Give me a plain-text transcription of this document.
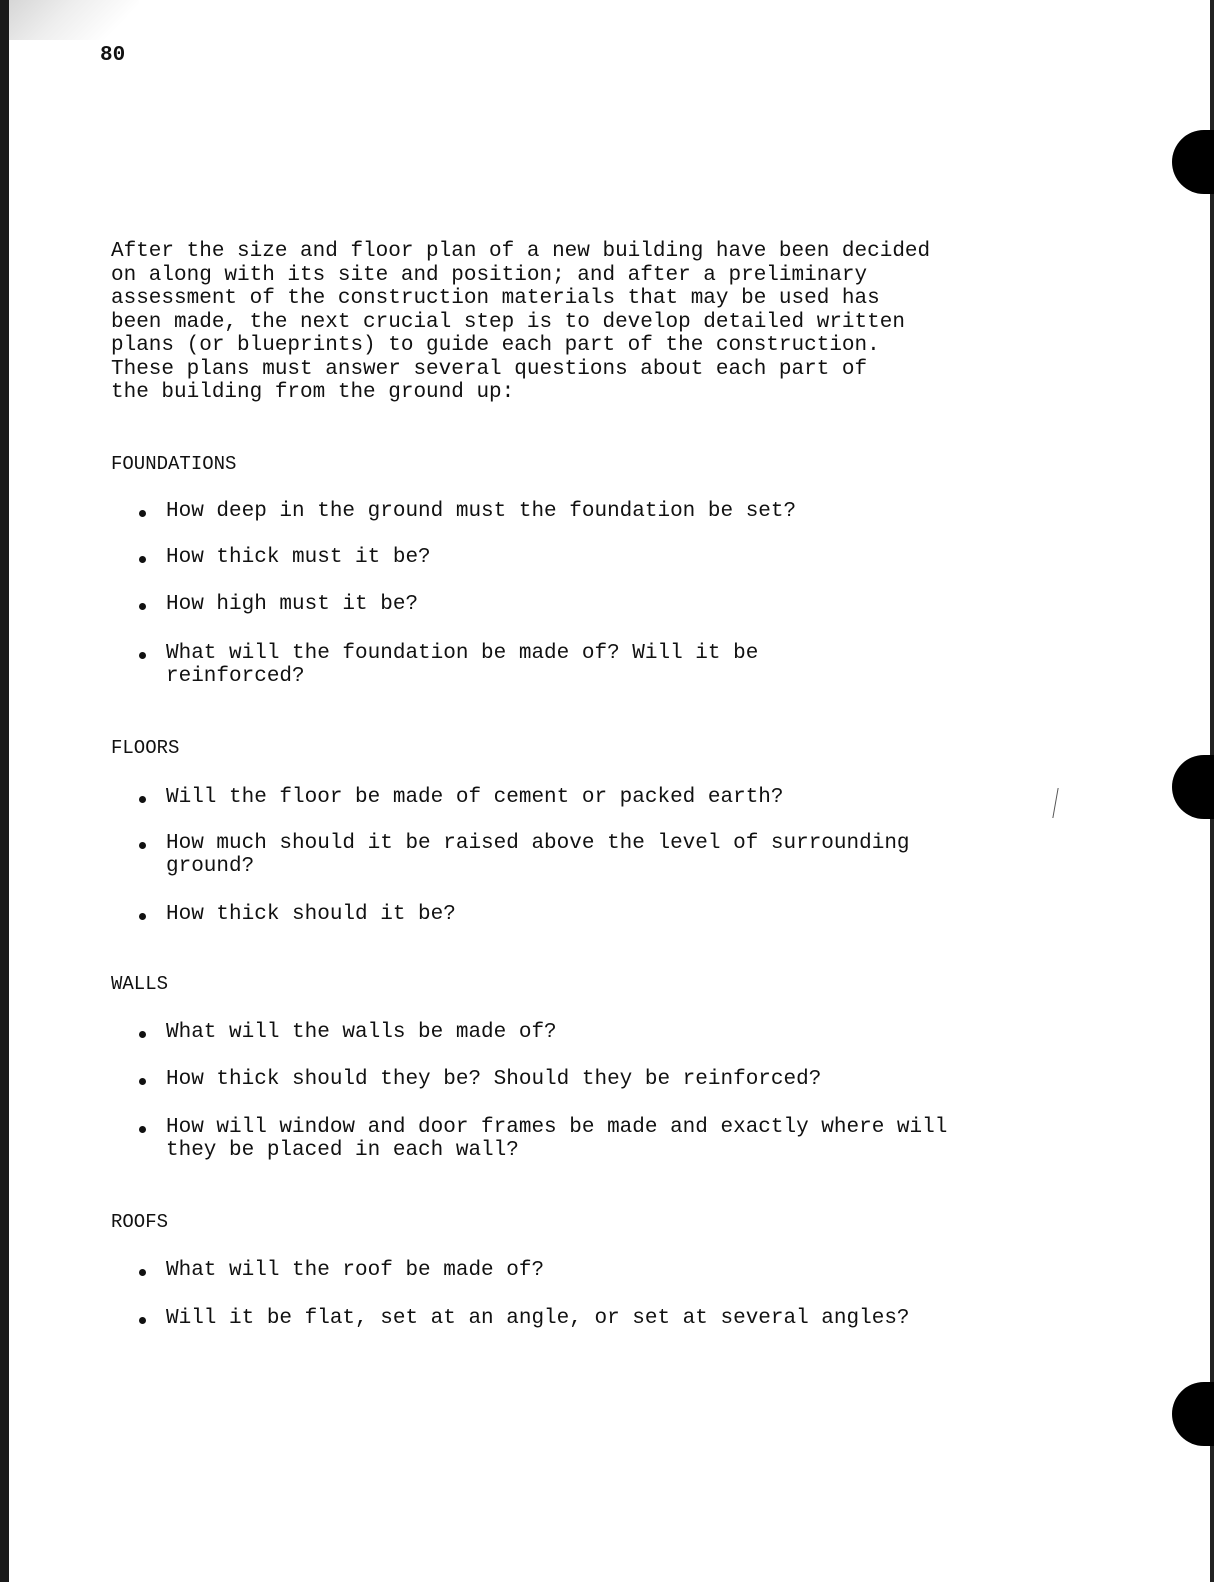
80

After the size and floor plan of a new building have been decided
on along with its site and position; and after a preliminary
assessment of the construction materials that may be used has
been made, the next crucial step is to develop detailed written
plans (or blueprints) to guide each part of the construction.
These plans must answer several questions about each part of
the building from the ground up:

FOUNDATIONS
How deep in the ground must the foundation be set?
How thick must it be?
How high must it be?
What will the foundation be made of? Will it be
reinforced?
FLOORS
Will the floor be made of cement or packed earth?
How much should it be raised above the level of surrounding
ground?
How thick should it be?
WALLS
What will the walls be made of?
How thick should they be? Should they be reinforced?
How will window and door frames be made and exactly where will
they be placed in each wall?
ROOFS
What will the roof be made of?
Will it be flat, set at an angle, or set at several angles?
